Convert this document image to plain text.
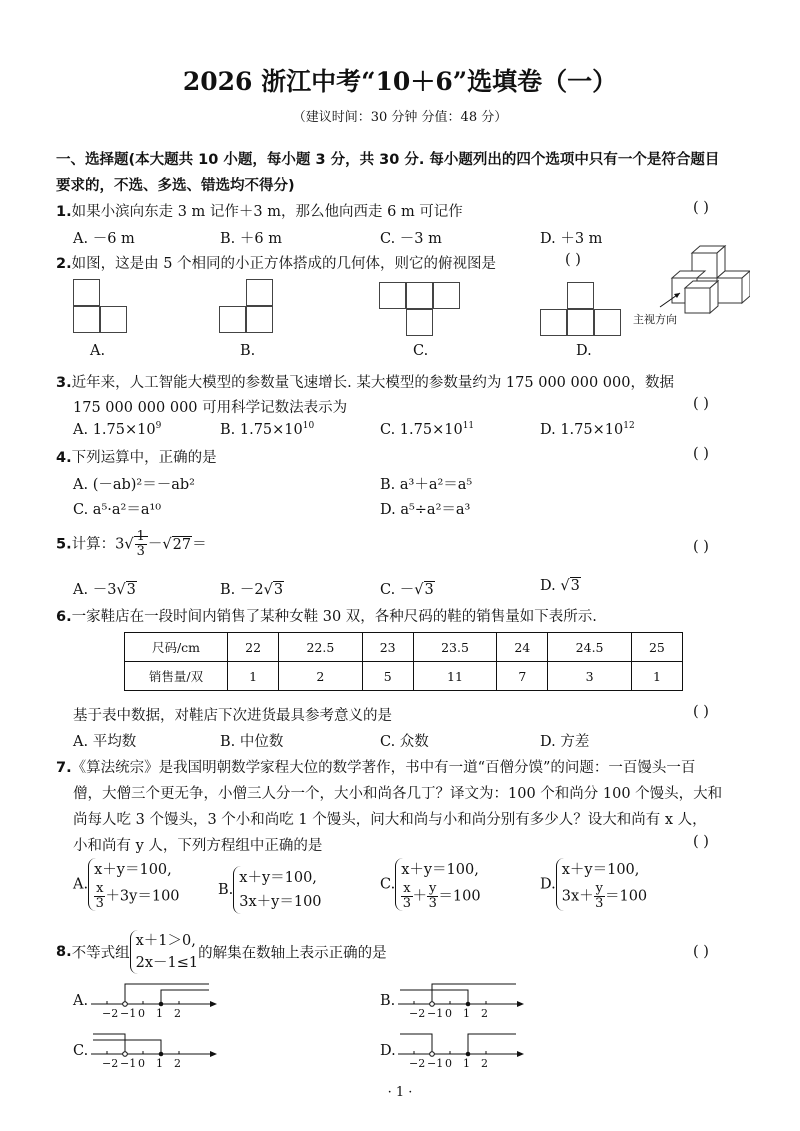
2026 浙江中考“10＋6”选填卷（一）
（建议时间：30 分钟 分值：48 分）
一、选择题(本大题共 10 小题，每小题 3 分，共 30 分. 每小题列出的四个选项中只有一个是符合题目
要求的，不选、多选、错选均不得分)
1.如果小滨向东走 3 m 记作＋3 m，那么他向西走 6 m 可记作	( )
A. －6 m	B. ＋6 m	C. －3 m	D. ＋3 m
2.如图，这是由 5 个相同的小正方体搭成的几何体，则它的俯视图是	( )
A.	B.	C.	D.
主视方向
3.近年来，人工智能大模型的参数量飞速增长. 某大模型的参数量约为 175 000 000 000，数据
175 000 000 000 可用科学记数法表示为	( )
A. $1.75\times 10^9$	B. $1.75\times 10^{10}$	C. $1.75\times 10^{11}$	D. $1.75\times 10^{12}$
4.下列运算中，正确的是	( )
A. (－ab)²＝－ab²	B. a³＋a²＝a⁵
C. a⁵·a²＝a¹⁰	D. a⁵÷a²＝a³
5.计算：$3√ \frac{1}{3} -√27=$	( )
A. －3√3	B. －2√3	C. －√3	D. √3
6.一家鞋店在一段时间内销售了某种女鞋 30 双，各种尺码的鞋的销售量如下表所示.
尺码/cm	22	22.5	23	23.5	24	24.5	25
销售量/双	1	2	5	11	7	3	1
基于表中数据，对鞋店下次进货最具参考意义的是	( )
A. 平均数	B. 中位数	C. 众数	D. 方差
7.《算法统宗》是我国明朝数学家程大位的数学著作，书中有一道“百僧分馍”的问题：一百馒头一百
僧，大僧三个更无争，小僧三人分一个，大小和尚各几丁？译文为：100 个和尚分 100 个馒头，大和
尚每人吃 3 个馒头，3 个小和尚吃 1 个馒头，问大和尚与小和尚分别有多少人？设大和尚有 x 人，
小和尚有 y 人，下列方程组中正确的是	( )
A.x＋y＝100,

$\frac{x}{3} +3y=100$	B.x＋y＝100,
3x＋y＝100
C.x＋y＝100,

$\frac{x}{3} + \frac{y}{3} =100$
D.x＋y＝100,
$3x+ \frac{y}{3} =100$
8.不等式组x＋1＞0,
2x－1≤1的解集在数轴上表示正确的是	( )
A.
−2 −1 0 1 2
B.
−2 −1 0 1 2
C.
−2 −1 0 1 2
D.
−2 −1 0 1 2
· 1 ·
